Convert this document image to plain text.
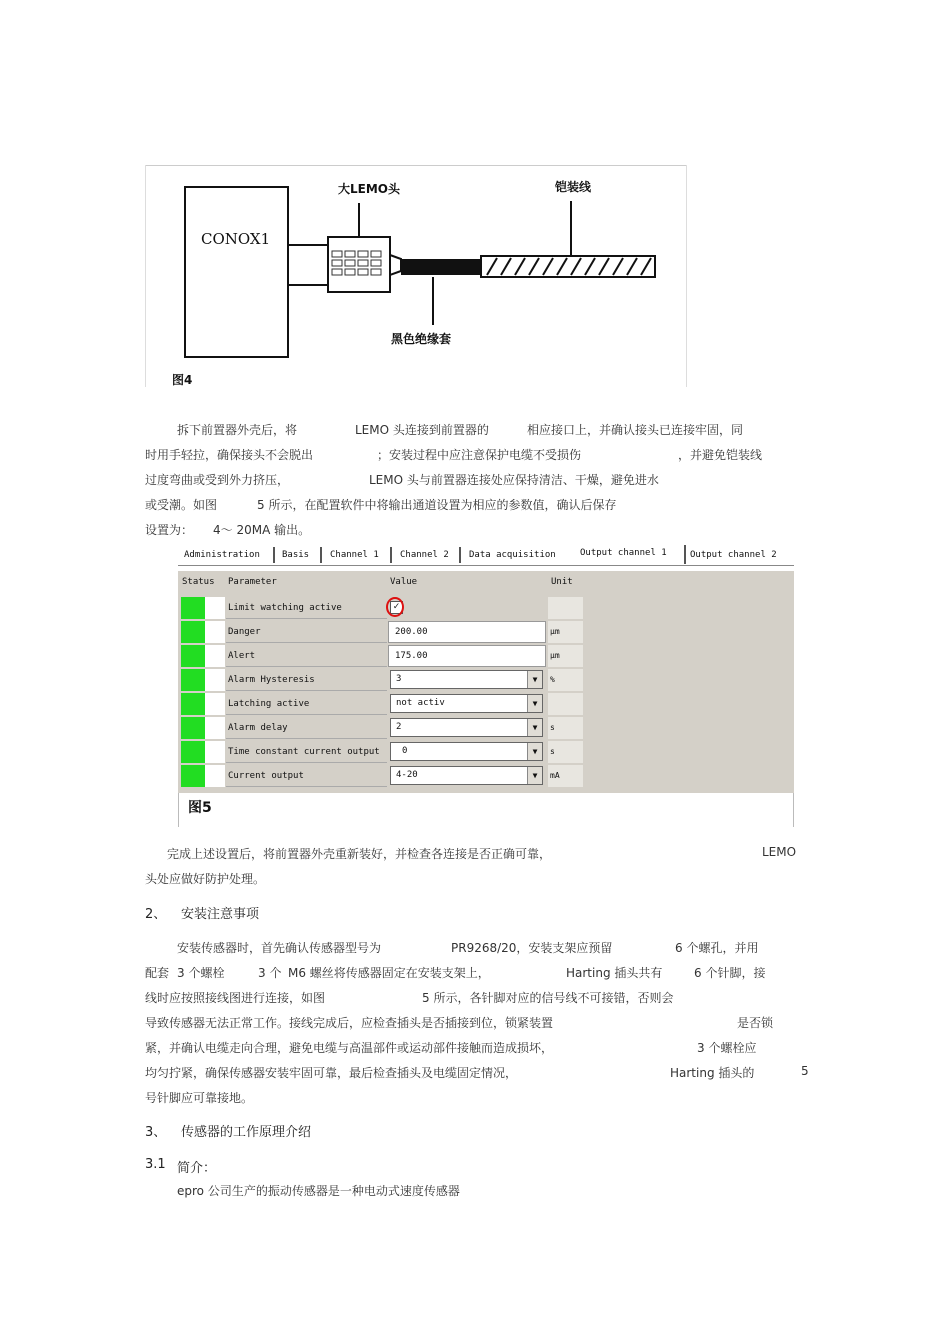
CONOX1
大LEMO头	铠装线
黑色绝缘套
图4
拆下前置器外壳后，将	LEMO 头连接到前置器的	相应接口上，并确认接头已连接牢固，同
时用手轻拉，确保接头不会脱出	；安装过程中应注意保护电缆不受损伤	，并避免铠装线
过度弯曲或受到外力挤压，	LEMO 头与前置器连接处应保持清洁、干燥，避免进水
或受潮。如图	5 所示，在配置软件中将输出通道设置为相应的参数值，确认后保存
设置为： 4～ 20MA 输出。
Administration	Basis	Channel 1	Channel 2	Data acquisition	Output channel 1	Output channel 2
Status Parameter	Value	Unit
Limit watching active	✓
Danger	200.00	µm
Alert	175.00	µm
Alarm Hysteresis	3	▼	%
Latching active	not activ	▼
Alarm delay	2	▼	s
Time constant current output	0	▼	s
Current output	4-20	▼	mA
图5
完成上述设置后，将前置器外壳重新装好，并检查各连接是否正确可靠，	LEMO
头处应做好防护处理。
2、 安装注意事项
安装传感器时，首先确认传感器型号为	PR9268/20，安装支架应预留	6 个螺孔，并用
配套 3 个螺栓	3 个 M6 螺丝将传感器固定在安装支架上，	Harting 插头共有	6 个针脚，接
线时应按照接线图进行连接，如图	5 所示，各针脚对应的信号线不可接错，否则会
导致传感器无法正常工作。接线完成后，应检查插头是否插接到位，锁紧装置	是否锁
紧，并确认电缆走向合理，避免电缆与高温部件或运动部件接触而造成损坏，	3 个螺栓应
均匀拧紧，确保传感器安装牢固可靠，最后检查插头及电缆固定情况，	Harting 插头的	5
号针脚应可靠接地。
3、 传感器的工作原理介绍
3.1 简介：
epro 公司生产的振动传感器是一种电动式速度传感器
